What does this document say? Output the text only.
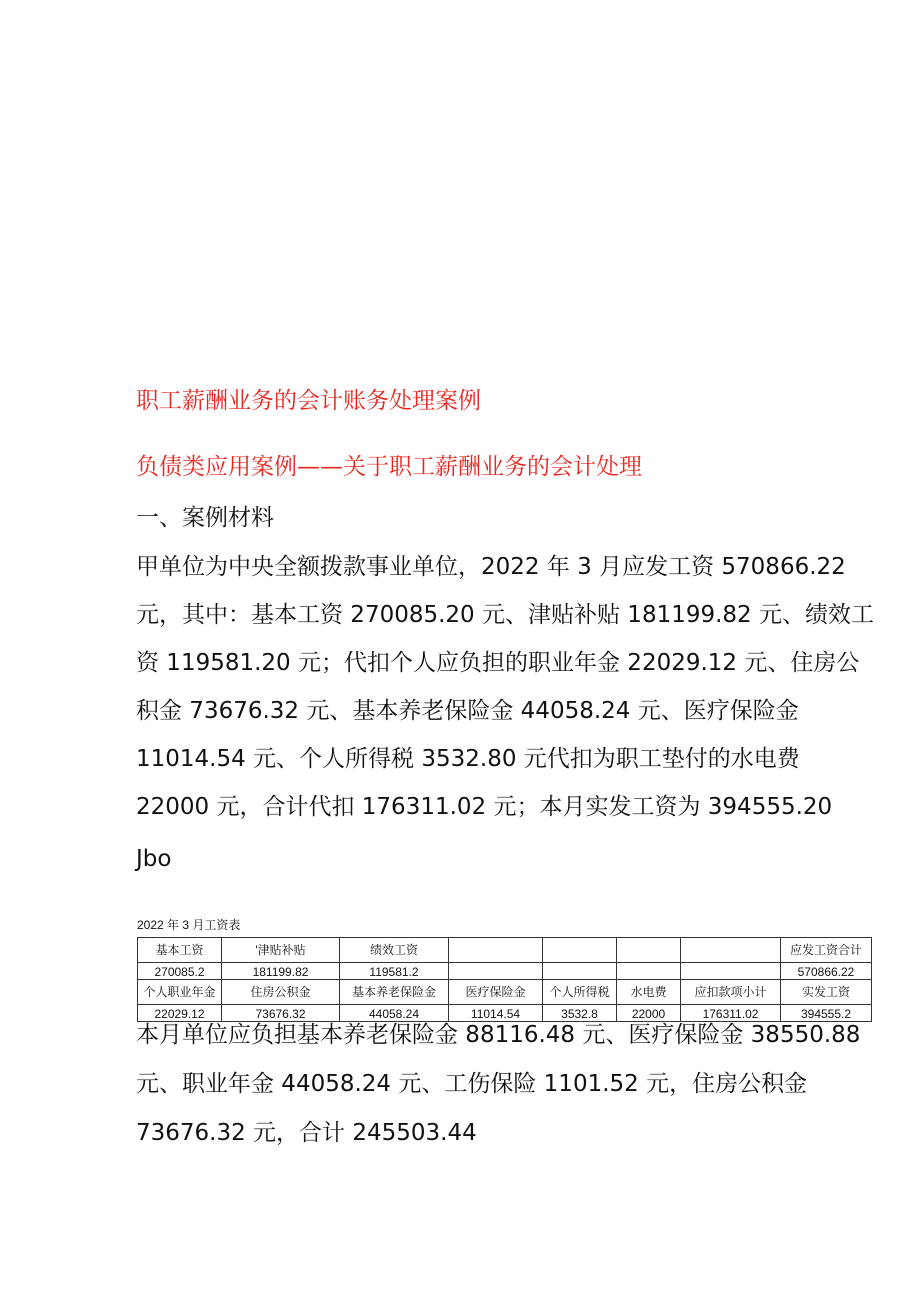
职工薪酬业务的会计账务处理案例
负债类应用案例——关于职工薪酬业务的会计处理
一、案例材料
甲单位为中央全额拨款事业单位，2022 年 3 月应发工资 570866.22
元，其中：基本工资 270085.20 元、津贴补贴 181199.82 元、绩效工
资 119581.20 元；代扣个人应负担的职业年金 22029.12 元、住房公
积金 73676.32 元、基本养老保险金 44058.24 元、医疗保险金
11014.54 元、个人所得税 3532.80 元代扣为职工垫付的水电费
22000 元，合计代扣 176311.02 元；本月实发工资为 394555.20
Jbo
2022 年 3 月工资表
基本工资	'津贴补贴	绩效工资					应发工资合计
270085.2	181199.82	119581.2					570866.22
个人职业年金	住房公积金	基本养老保险金	医疗保险金	个人所得税	水电费	应扣款项小计	实发工资
22029.12	73676.32	44058.24	11014.54	3532.8	22000	176311.02	394555.2
本月单位应负担基本养老保险金 88116.48 元、医疗保险金 38550.88
元、职业年金 44058.24 元、工伤保险 1101.52 元，住房公积金
73676.32 元，合计 245503.44
